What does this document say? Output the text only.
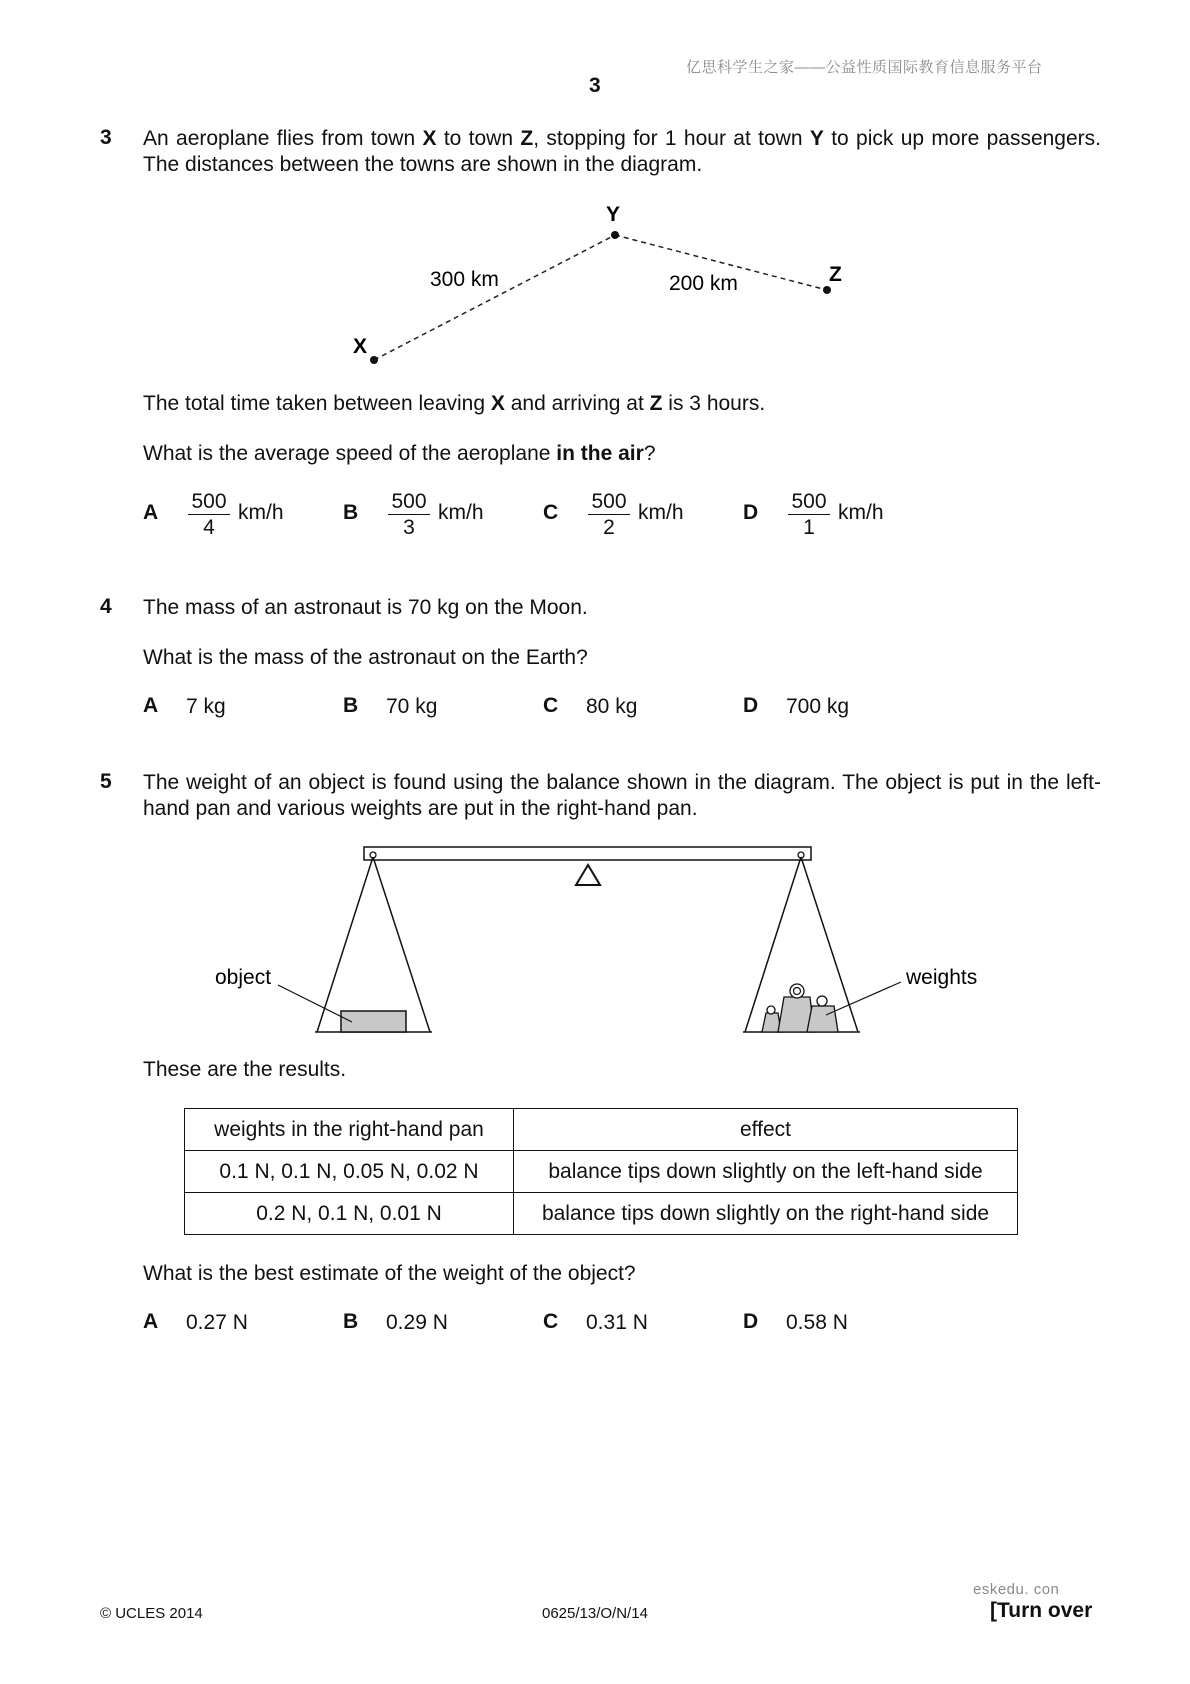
亿思科学生之家——公益性质国际教育信息服务平台
3
3 An aeroplane flies from town X to town Z, stopping for 1 hour at town Y to pick up more passengers. The distances between the towns are shown in the diagram.
X
Y
Z
300 km	200 km
The total time taken between leaving X and arriving at Z is 3 hours.
What is the average speed of the aeroplane in the air?
A $\frac{500}{4} km/h$	B $\frac{500}{3} km/h$	C $\frac{500}{2} km/h$	D $\frac{500}{1} km/h$
4 The mass of an astronaut is 70 kg on the Moon.
What is the mass of the astronaut on the Earth?
A 7 kg	B 70 kg	C 80 kg	D 700 kg
5 The weight of an object is found using the balance shown in the diagram. The object is put in the left-hand pan and various weights are put in the right-hand pan.
object	weights
These are the results.
weights in the right-hand pan	effect
0.1 N, 0.1 N, 0.05 N, 0.02 N	balance tips down slightly on the left-hand side
0.2 N, 0.1 N, 0.01 N	balance tips down slightly on the right-hand side
What is the best estimate of the weight of the object?
A 0.27 N	B 0.29 N	C 0.31 N	D 0.58 N
eskedu. con
© UCLES 2014	0625/13/O/N/14	[Turn over
